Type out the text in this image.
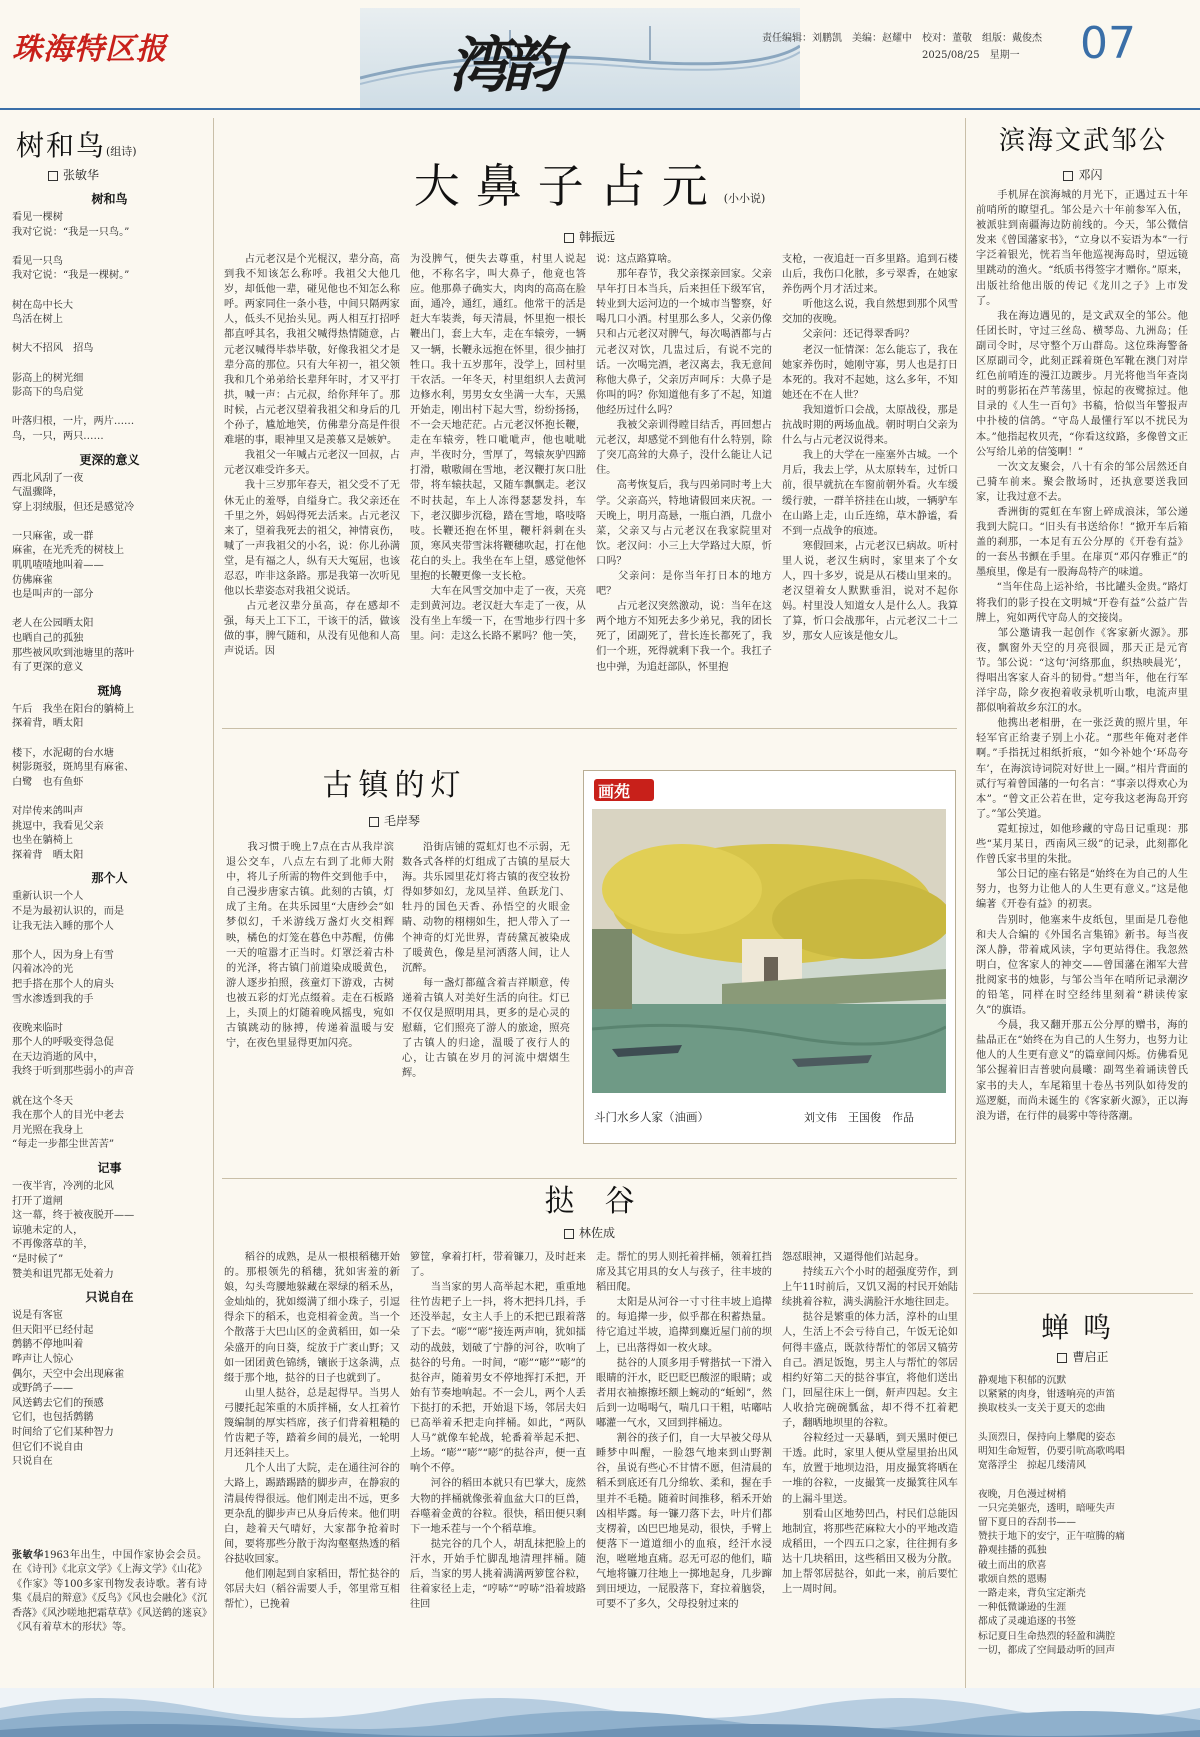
珠海特区报	湾韵	责任编辑：刘鹏凯　美编：赵耀中　校对：董敬　组版：戴俊杰
2025/08/25　星期一	07
树和鸟(组诗)
张敏华
树和鸟
看见一棵树
我对它说：“我是一只鸟。”

看见一只鸟
我对它说：“我是一棵树。”

树在岛中长大
鸟活在树上

树大不招风　招鸟

影高上的树光细
影高下的鸟启觉

叶落归根，一片，两片……
鸟，一只，两只……
更深的意义
西北风刮了一夜
气温骤降，
穿上羽绒服，但还是感觉冷

一只麻雀，或一群
麻雀，在光秃秃的树枝上
叽叽喳喳地叫着——
仿佛麻雀
也是叫声的一部分

老人在公园晒太阳
也晒自己的孤独
那些被风吹到池塘里的落叶
有了更深的意义
斑鸠
午后　我坐在阳台的躺椅上
探着背，晒太阳

楼下，水泥砌的台水塘
树影斑驳，斑鸠里有麻雀、
白鹭　也有鱼虾

对岸传来鸽叫声
挑逗中，我看见父亲
也坐在躺椅上
探着背　晒太阳
那个人
重新认识一个人
不是为最初认识的，而是
让我无法入睡的那个人

那个人，因为身上有雪
闪着冰冷的光
把手搭在那个人的肩头
雪水渗透到我的手

夜晚来临时
那个人的呼吸变得急促
在天边消逝的风中，
我终于听到那些弱小的声音

就在这个冬天
我在那个人的目光中老去
月光照在我身上
“每走一步都尘世苦苦”
记事
一夜半宵，冷冽的北风
打开了道闸
这一幕，终于被夜脱开——
谅驰未定的人，
不再像落草的羊，
“是时候了”
赞美和诅咒都无处着力
只说自在
说是有客宦
但天阳平已经付起
鹩鹟不停地叫着
哗声让人惊心
偶尔，天空中会出现麻雀
或野鸽子——
风送鹤去它们的预感
它们，也包括鹩鹟
时间给了它们某种智力
但它们不说自由
只说自在

张敏华1963年出生，中国作家协会会员。在《诗刊》《北京文学》《上海文学》《山花》《作家》等100多家刊物发表诗歌。著有诗集《晨启的辩意》《反鸟》《风也会融化》《沉香落》《风沙嗟地把霜草草》《风送鹤的迷哀》《风有着草木的形状》等。

大鼻子占元(小小说)
韩振远
　　占元老汉是个光棍汉，辈分高，高到我不知该怎么称呼。我祖父大他几岁，却低他一辈，碰见他也不知怎么称呼。两家同住一条小巷，中间只隔两家人，低头不见抬头见。两人相互打招呼都直呼其名，我祖父喊得热情随意，占元老汉喊得毕恭毕敬，好像我祖父才是辈分高的那位。只有大年初一，祖父领我和几个弟弟给长辈拜年时，才又平打拱，喊一声：占元叔，给你拜年了。那时候，占元老汉望着我祖父和身后的几个孙子，尴尬地笑，仿佛辈分高是件很难堪的事，眼神里又是羡慕又是嫉妒。
　　我祖父一年喊占元老汉一回叔，占元老汉难受许多天。
　　我十三岁那年春天，祖父受不了无休无止的羞辱，自缢身亡。我父亲还在千里之外，妈妈得死去活来。占元老汉来了，望着我死去的祖父，神情哀伤，喊了一声我祖父的小名，说：你儿孙满堂，是有福之人，纵有天大冤屈，也该忍忍，咋非这条路。那是我第一次听见他以长辈姿态对我祖父说话。
　　占元老汉辈分虽高，存在感却不强，每天上工下工，干该干的活，做该做的事，脾气随和，从没有见他和人高声说话。因
为没脾气，便失去尊重，村里人说起他，不称名字，叫大鼻子，他竟也答应。他那鼻子确实大，肉肉的高高在脸面，通冷，通红，通红。他常干的活是赶大车装粪，每天清晨，怀里抱一根长鞭出门，套上大车，走在车辕旁，一辆又一辆，长鞭永远抱在怀里，很少抽打牲口。我十五岁那年，没学上，回村里干农活。一年冬天，村里组织人去黄河边修水利，男男女女坐满一大车，天黑开始走，刚出村下起大雪，纷纷扬扬，不一会天地茫茫。占元老汉怀抱长鞭，走在车辕旁，牲口呲呲声，他也呲呲声，半夜时分，雪厚了，驾辕灰驴四蹄打滑，嗷嗷闹在雪地，老汉鞭打灰口肚带，将车辕扶起，又随车飘飘走。老汉不时扶起，车上人冻得瑟瑟发抖，车下，老汉脚步沉稳，踏在雪地，咯吱咯吱。长鞭还抱在怀里，鞭杆斜刺在头顶，寒风夹带雪沫将鞭穗吹起，打在他花白的头上。我坐在车上望，感觉他怀里抱的长鞭更像一支长枪。
　　大车在风雪交加中走了一夜，天亮走到黄河边。老汉赶大车走了一夜，从没有坐上车缓一下，在雪地步行四十多里。问：走这么长路不累吗？他一笑，
说：这点路算啥。
　　那年春节，我父亲探亲回家。父亲早年打日本当兵，后来担任下级军官，转业到大运河边的一个城市当警察，好喝几口小酒。村里那么多人，父亲仍像只和占元老汉对脾气，每次喝酒都与占元老汉对饮，几盅过后，有说不完的话。一次喝完酒，老汉离去，我无意间称他大鼻子，父亲厉声呵斥：大鼻子是你叫的吗？你知道他有多了不起，知道他经历过什么吗？
　　我被父亲训得瞠目结舌，再回想占元老汉，却感觉不到他有什么特别，除了突兀高耸的大鼻子，没什么能让人记住。
　　高考恢复后，我与四弟同时考上大学。父亲高兴，特地请假回来庆祝。一天晚上，明月高悬，一瓶白酒，几盘小菜，父亲又与占元老汉在我家院里对饮。老汉问：小三上大学路过大原，忻口吗？
　　父亲问：是你当年打日本的地方吧？
　　占元老汉突然激动，说：当年在这两个地方不知死去多少弟兄，我的团长死了，团副死了，营长连长都死了，我们一个班，死得就剩下我一个。我扛子也中弹，为追赶部队，怀里抱
支枪，一夜追赶一百多里路。追到石楼山后，我伤口化脓，多亏翠香，在她家养伤两个月才活过来。
　　听他这么说，我自然想到那个风雪交加的夜晚。
　　父亲问：还记得翠香吗？
　　老汉一怔情深：怎么能忘了，我在她家养伤时，她刚守寡，男人也是打日本死的。我对不起她，这么多年，不知她还在不在人世？
　　我知道忻口会战，太原战役，那是抗战时期的两场血战。朝时明白父亲为什么与占元老汉说得来。
　　我上的大学在一座塞外古城。一个月后，我去上学，从太原转车，过忻口前，很早就抗在车窗前朝外看。火车缓缓行驶，一群羊挤挂在山坡，一辆驴车在山路上走，山丘连绵，草木静谧，看不到一点战争的痕迹。
　　寒假回来，占元老汉已病故。听村里人说，老汉生病时，家里来了个女人，四十多岁，说是从石楼山里来的。老汉望着女人默默垂泪，说对不起你妈。村里没人知道女人是什么人。我算了算，忻口会战那年，占元老汉二十二岁，那女人应该是他女儿。
古镇的灯
毛岸琴
　　我习惯于晚上7点在古从我岸滨退公交车，八点左右到了北师大附中，将儿子所需的物件交到他手中，自己漫步唐家古镇。此刻的古镇，灯成了主角。在共乐园里“大唐纱会”如梦似幻，千米游线万盏灯火交相辉映，橘色的灯笼在暮色中苏醒，仿佛一天的喧嚣才正当时。灯罩泛着古朴的光泽，将古镇门前道染成暖黄色，游人逐步拍照，孩童灯下游戏，古树也被五彩的灯光点缀着。走在石板路上，头顶上的灯随着晚风摇曳，宛如古镇跳动的脉搏，传递着温暖与安宁，在夜色里显得更加闪亮。
　　沿街店铺的霓虹灯也不示弱，无数各式各样的灯组成了古镇的星辰大海。共乐园里花灯将古镇的夜空妆扮得如梦如幻，龙凤呈祥、鱼跃龙门、牡丹的国色天香、孙悟空的火眼金睛、动物的栩栩如生，把人带入了一个神奇的灯光世界，青砖黛瓦被染成了暖黄色，像是星河洒落人间，让人沉醉。
　　每一盏灯都蕴含着吉祥顺意，传递着古镇人对美好生活的向往。灯已不仅仅是照明用具，更多的是心灵的慰藉，它们照亮了游人的旅途，照亮了古镇人的归途，温暖了夜行人的心，让古镇在岁月的河流中熠熠生辉。
画苑
斗门水乡人家（油画）	刘文伟　王国俊　作品
挞谷
林佐成
　　稻谷的成熟，是从一根根稻穗开始的。那根领先的稻穗，犹如害羞的新娘，勾头弯腰地躲藏在翠绿的稻禾丛，金灿灿的，犹如缀满了细小珠子，引逗得余下的稻禾，也竞相着金黄。当一个个散落于大巴山区的金黄稻田，如一朵朵盛开的向日葵，绽放于广袤山野；又如一团团黄色锦绣，镶嵌于这条满，点缀于那个地，挞谷的日子也就到了。
　　山里人挞谷，总是起得早。当男人弓腰托起笨重的木质拌桶，女人扛着竹篾编制的厚实档席，孩子们背着粗糙的竹齿耙子等，踏着乡间的晨光，一轮明月还斜挂天上。
　　几个人出了大院，走在通往河谷的大路上，踢踏踢踏的脚步声，在静寂的清晨传得很远。他们刚走出不远，更多更杂乱的脚步声已从身后传来。他们明白，趁着天气晴好，大家都争抢着时间，要将那些分散于沟沟壑壑热透的稻谷挞收回家。
　　他们刚起到自家稻田，帮忙挞谷的邻居夫妇（稻谷需要人手，邻里常互相帮忙），已挽着
箩筐，拿着打杆，带着镰刀，及时赶来了。
　　当当家的男人高举起木耙，重重地往竹齿耙子上一抖，将木把抖几抖，手还没举起，女主人手上的禾把已跟着落了下去。“嘭”“嘭”接连两声响，犹如擂动的战鼓，划破了宁静的河谷，吹响了挞谷的号角。一时间，“嘭”“嘭”“嘭”的挞谷声，随着男女不停地挥打禾把，开始有节奏地响起。不一会儿，两个人丢下挞打的禾把，开始退下场，邻居夫妇已高举着禾把走向拌桶。如此，“两队人马”就像车轮战，轮番着举起禾把、上场。“嘭”“嘭”“嘭”的挞谷声，便一直响个不停。
　　河谷的稻田本就只有巴掌大，庞然大物的拌桶就像张着血盆大口的巨兽，吞噬着金黄的谷粒。很快，稻田便只剩下一地禾茬与一个个稻草堆。
　　挞完谷的几个人，胡乱抹把脸上的汗水，开始手忙脚乱地清理拌桶。随后，当家的男人挑着满满两箩筐谷粒，往着家径上走，“哼哧”“哼哧”沿着坡路往回
走。帮忙的男人则托着拌桶，领着扛挡席及其它用具的女人与孩子，往丰坡的稻田爬。
　　太阳是从河谷一寸寸往丰坡上追撵的。每追撵一步，似乎都在积蓄热量。待它追过半坡，追撵到麋近屋门前的坝上，已出落得如一枚火球。
　　挞谷的人顶多用手臂揩拭一下滑入眼睛的汗水，眨巴眨巴酸涩的眼睛；或者用衣袖擦擦坯额上蜿动的“蚯蚓”，然后到一边喝喝气，喘几口干粗，咕嘟咕嘟灌一气水，又回到拌桶边。
　　割谷的孩子们，自一大早被父母从睡梦中叫醒，一脸怨气地来到山野割谷，虽说有些心不甘情不愿，但清晨的稻禾到底还有几分绵软、柔和，握在手里并不毛糙。随着时间推移，稻禾开始凶相毕露。每一镰刀落下去，叶片们都支楞着，凶巴巴地晃动，很快，手臂上便落下一道道细小的血痕，经汗水浸泡，咝咝地直痛。忍无可忍的他们，瞄气地将镰刀往地上一掷地起身，几步蹿到田埂边，一屁股落下，耷拉着脑袋，可要不了多久，父母投射过来的
怨怼眼神，又逼得他们站起身。
　　持续五六个小时的超强度劳作，到上午11时前后，又饥又渴的村民开始陆续挑着谷粒，满头满脸汗水地往回走。
　　挞谷是繁重的体力活，淳朴的山里人，生活上不会亏待自己，午饭无论如何得丰盛点，既款待帮忙的邻居又犒劳自己。酒足饭饱，男主人与帮忙的邻居相约好第二天的挞谷事宜，将他们送出门，回屋往床上一倒，鼾声四起。女主人收拾完碗碗瓢盆，却不得不扛着耙子，翻晒地坝里的谷粒。
　　谷粒经过一天暴晒，到天黑时便已干透。此时，家里人便从堂屋里抬出风车，放置于地坝边沿，用皮撮箕将晒在一堆的谷粒，一皮撮箕一皮撮箕往风车的上漏斗里送。
　　别看山区地势凹凸，村民们总能因地制宜，将那些茫麻粒大小的平地改造成稻田，一个四五口之家，往往拥有多达十几块稻田，这些稻田又极为分散。加上帮邻居挞谷，如此一来，前后要忙上一周时间。
滨海文武邹公
邓闪
　　手机屏在滨海城的月光下，正遇过五十年前哨所的瞭望孔。邹公是六十年前参军入伍，被派驻到南疆海边防前线的。今天，邹公微信发来《曾国藩家书》，“立身以不妄语为本”一行字泛着银光，恍若当年他巡视海岛时，望远镜里跳动的渔火。“纸质书得签字才赠你。”原来，出版社给他出版的传记《龙川之子》上市发了。
　　我在海边遇见的，是文武双全的邹公。他任团长时，守过三丝岛、横琴岛、九洲岛；任副司令时，尽守整个万山群岛。这位珠海警备区原副司令，此刻正踩着斑色军靴在澳门对岸红色前哨连的漫江边踱步。月光将他当年查岗时的剪影拓在芦苇荡里，惊起的夜鹭掠过。他目录的《人生一百句》书稿，恰似当年警报声中扑棱的信鸽。“守岛人最懂行军以不扰民为本。”他指起枚贝壳，“你看这纹路，多像曾文正公写给儿弟的信笺啊！”
　　一次文友聚会，八十有余的邹公居然还自己骑车前来。聚会散场时，还执意要送我回家，让我过意不去。
　　香洲街的霓虹在车窗上碎成浪沫，邹公递我到大院口。“旧头有书送给你！”掀开车后箱盖的刹那，一本足有五公分厚的《开卷有益》的一套丛书颤在手里。在扉页“邓闪存雅正”的墨痕里，像是有一股海岛特产的味道。
　　“当年住岛上运补给，书比罐头金贵。”路灯将我们的影子投在文明城“开卷有益”公益广告牌上，宛如两代守岛人的交接岗。
　　邹公邀请我一起创作《客家新火源》。那夜，飘窗外天空的月亮很圆，那天正是元宵节。邹公说：“这句‘河络那血，织热映晨光’，得唱出客家人奋斗的韧骨。”想当年，他在行军洋宇岛，除夕夜抱着收录机听山歌，电流声里都似响着故乡东江的水。
　　他携出老相册，在一张泛黄的照片里，年轻军官正给妻子别上小花。“那些年俺对老伴啊。”手指抚过相纸折痕，“如今补她个‘环岛夸车’，在海滨诗词院对好世上一圈。”相片背面的贰行写着曾国藩的一句名言：“事亲以得欢心为本”。“曾文正公若在世，定夸我这老海岛开窍了。”邹公笑道。
　　霓虹掠过，如他珍藏的守岛日记重现：那些“某月某日，西南风三级”的记录，此刻都化作曾氏家书里的朱批。
　　邹公日记的座右铭是“始终在为自己的人生努力，也努力让他人的人生更有意义。”这是他编著《开卷有益》的初衷。
　　告别时，他塞来牛皮纸包，里面是几卷他和夫人合编的《外国名言集锦》新书。每当夜深人静，带着咸风读，字句更站得住。我忽然明白，位客家人的神交——曾国藩在湘军大营批阅家书的烛影，与邹公当年在哨所记录潮汐的铅笔，同样在时空经纬里刻着“耕读传家久”的旗语。
　　今晨，我又翻开那五公分厚的赠书，海的盐晶正在“始终在为自己的人生努力，也努力让他人的人生更有意义”的篇章间闪烁。仿佛看见邹公握着旧吉普驶向晨曦：副驾坐着诵读曾氏家书的夫人，车尾箱里十卷丛书列队如待发的巡逻艇，而尚未诞生的《客家新火源》，正以海浪为谱，在行伴的晨雾中等待落潮。
蝉鸣
曹启正
静观地下积郁的沉默
以紧紧的肉身，钳透响亮的声笛
换取枝头一支关于夏天的恋曲

头顶烈日，保持向上攀爬的姿态
明知生命短暂，仍要引吭高歌鸣唱
宽落浮尘　掠起几缕清风

夜晚，月色漫过树梢
一只完美躯壳，透明，暗哑失声
留下夏日的吞刮书——
赞扶于地下的安宁，正午喧腾的痛
静观挂播的孤独
破土而出的欣喜
歌颂自然的恩赐
一路走来，背负宝定渐壳
一种低微谦逊的生涯
都成了灵魂追逐的书签
标记夏日生命热烈的轻盈和满腔
一切，都成了空间最动听的回声
